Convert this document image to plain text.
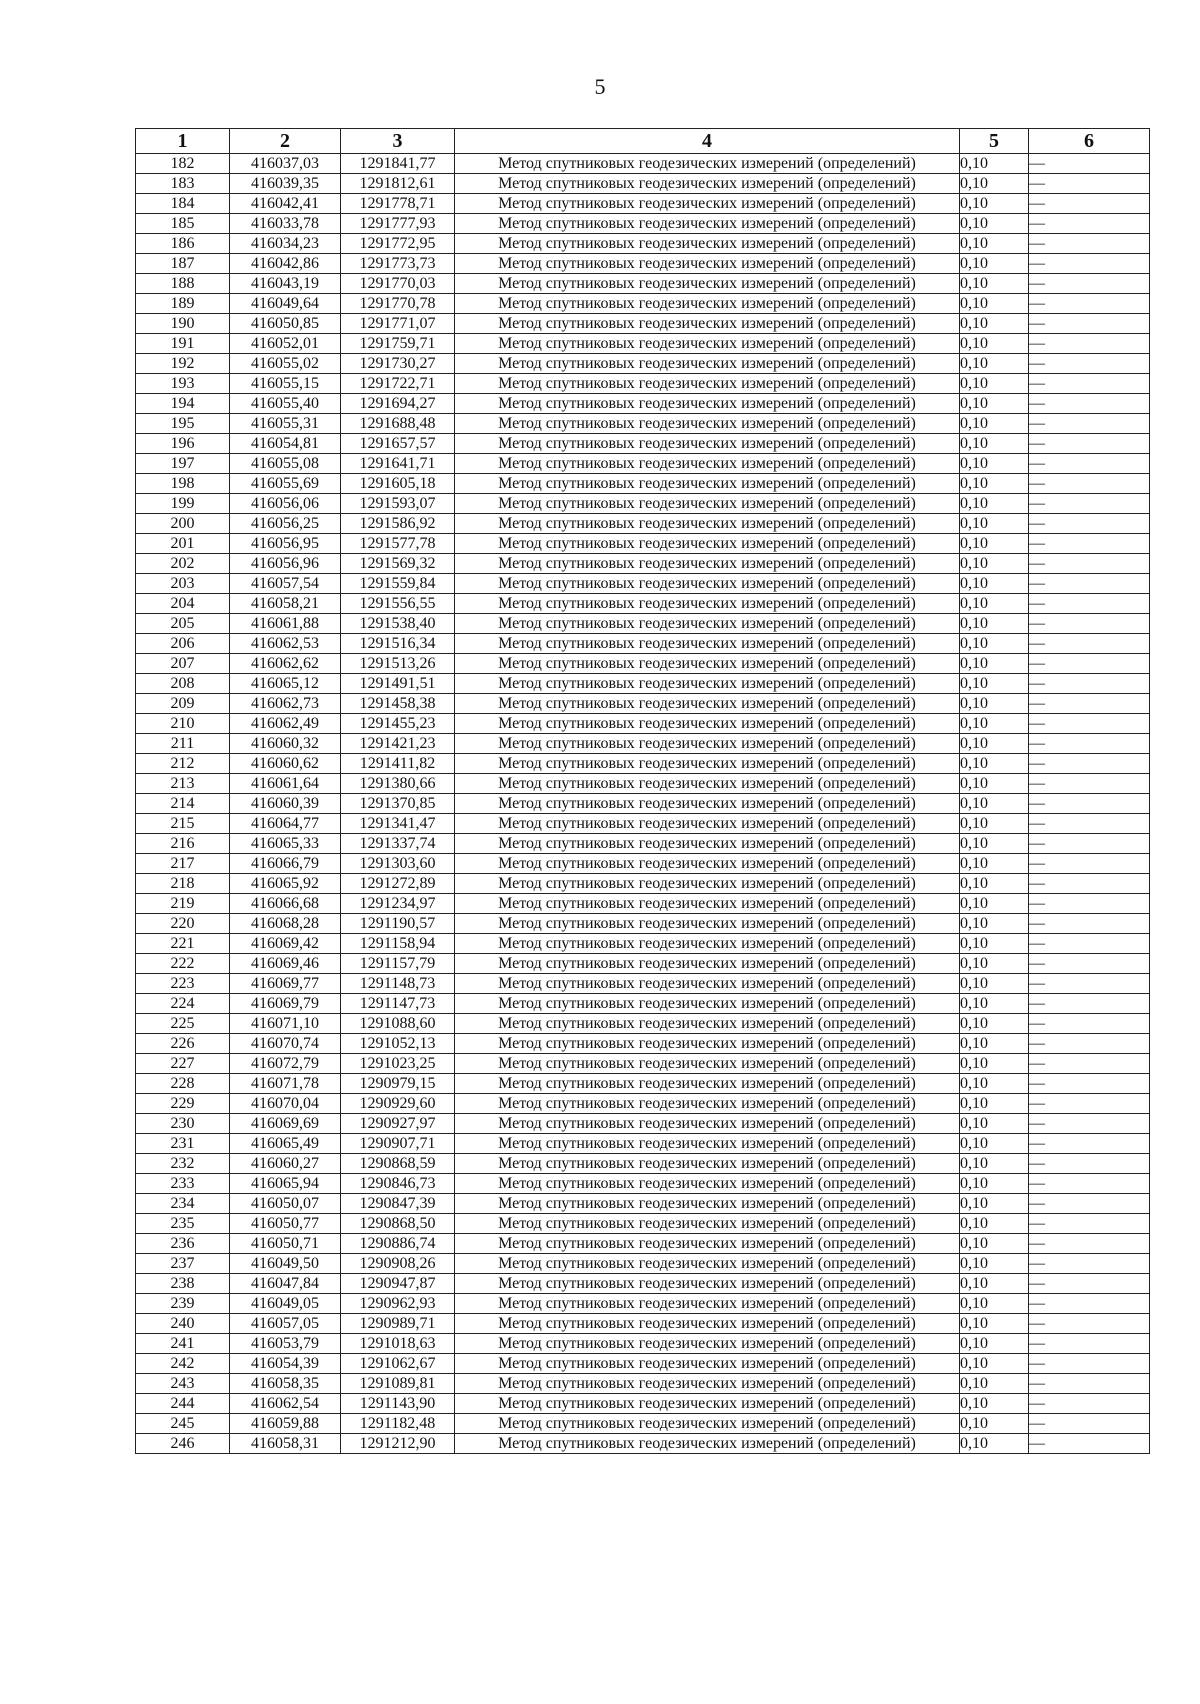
5
1	2	3	4	5	6
182	416037,03	1291841,77	Метод спутниковых геодезических измерений (определений)	0,10	—
183	416039,35	1291812,61	Метод спутниковых геодезических измерений (определений)	0,10	—
184	416042,41	1291778,71	Метод спутниковых геодезических измерений (определений)	0,10	—
185	416033,78	1291777,93	Метод спутниковых геодезических измерений (определений)	0,10	—
186	416034,23	1291772,95	Метод спутниковых геодезических измерений (определений)	0,10	—
187	416042,86	1291773,73	Метод спутниковых геодезических измерений (определений)	0,10	—
188	416043,19	1291770,03	Метод спутниковых геодезических измерений (определений)	0,10	—
189	416049,64	1291770,78	Метод спутниковых геодезических измерений (определений)	0,10	—
190	416050,85	1291771,07	Метод спутниковых геодезических измерений (определений)	0,10	—
191	416052,01	1291759,71	Метод спутниковых геодезических измерений (определений)	0,10	—
192	416055,02	1291730,27	Метод спутниковых геодезических измерений (определений)	0,10	—
193	416055,15	1291722,71	Метод спутниковых геодезических измерений (определений)	0,10	—
194	416055,40	1291694,27	Метод спутниковых геодезических измерений (определений)	0,10	—
195	416055,31	1291688,48	Метод спутниковых геодезических измерений (определений)	0,10	—
196	416054,81	1291657,57	Метод спутниковых геодезических измерений (определений)	0,10	—
197	416055,08	1291641,71	Метод спутниковых геодезических измерений (определений)	0,10	—
198	416055,69	1291605,18	Метод спутниковых геодезических измерений (определений)	0,10	—
199	416056,06	1291593,07	Метод спутниковых геодезических измерений (определений)	0,10	—
200	416056,25	1291586,92	Метод спутниковых геодезических измерений (определений)	0,10	—
201	416056,95	1291577,78	Метод спутниковых геодезических измерений (определений)	0,10	—
202	416056,96	1291569,32	Метод спутниковых геодезических измерений (определений)	0,10	—
203	416057,54	1291559,84	Метод спутниковых геодезических измерений (определений)	0,10	—
204	416058,21	1291556,55	Метод спутниковых геодезических измерений (определений)	0,10	—
205	416061,88	1291538,40	Метод спутниковых геодезических измерений (определений)	0,10	—
206	416062,53	1291516,34	Метод спутниковых геодезических измерений (определений)	0,10	—
207	416062,62	1291513,26	Метод спутниковых геодезических измерений (определений)	0,10	—
208	416065,12	1291491,51	Метод спутниковых геодезических измерений (определений)	0,10	—
209	416062,73	1291458,38	Метод спутниковых геодезических измерений (определений)	0,10	—
210	416062,49	1291455,23	Метод спутниковых геодезических измерений (определений)	0,10	—
211	416060,32	1291421,23	Метод спутниковых геодезических измерений (определений)	0,10	—
212	416060,62	1291411,82	Метод спутниковых геодезических измерений (определений)	0,10	—
213	416061,64	1291380,66	Метод спутниковых геодезических измерений (определений)	0,10	—
214	416060,39	1291370,85	Метод спутниковых геодезических измерений (определений)	0,10	—
215	416064,77	1291341,47	Метод спутниковых геодезических измерений (определений)	0,10	—
216	416065,33	1291337,74	Метод спутниковых геодезических измерений (определений)	0,10	—
217	416066,79	1291303,60	Метод спутниковых геодезических измерений (определений)	0,10	—
218	416065,92	1291272,89	Метод спутниковых геодезических измерений (определений)	0,10	—
219	416066,68	1291234,97	Метод спутниковых геодезических измерений (определений)	0,10	—
220	416068,28	1291190,57	Метод спутниковых геодезических измерений (определений)	0,10	—
221	416069,42	1291158,94	Метод спутниковых геодезических измерений (определений)	0,10	—
222	416069,46	1291157,79	Метод спутниковых геодезических измерений (определений)	0,10	—
223	416069,77	1291148,73	Метод спутниковых геодезических измерений (определений)	0,10	—
224	416069,79	1291147,73	Метод спутниковых геодезических измерений (определений)	0,10	—
225	416071,10	1291088,60	Метод спутниковых геодезических измерений (определений)	0,10	—
226	416070,74	1291052,13	Метод спутниковых геодезических измерений (определений)	0,10	—
227	416072,79	1291023,25	Метод спутниковых геодезических измерений (определений)	0,10	—
228	416071,78	1290979,15	Метод спутниковых геодезических измерений (определений)	0,10	—
229	416070,04	1290929,60	Метод спутниковых геодезических измерений (определений)	0,10	—
230	416069,69	1290927,97	Метод спутниковых геодезических измерений (определений)	0,10	—
231	416065,49	1290907,71	Метод спутниковых геодезических измерений (определений)	0,10	—
232	416060,27	1290868,59	Метод спутниковых геодезических измерений (определений)	0,10	—
233	416065,94	1290846,73	Метод спутниковых геодезических измерений (определений)	0,10	—
234	416050,07	1290847,39	Метод спутниковых геодезических измерений (определений)	0,10	—
235	416050,77	1290868,50	Метод спутниковых геодезических измерений (определений)	0,10	—
236	416050,71	1290886,74	Метод спутниковых геодезических измерений (определений)	0,10	—
237	416049,50	1290908,26	Метод спутниковых геодезических измерений (определений)	0,10	—
238	416047,84	1290947,87	Метод спутниковых геодезических измерений (определений)	0,10	—
239	416049,05	1290962,93	Метод спутниковых геодезических измерений (определений)	0,10	—
240	416057,05	1290989,71	Метод спутниковых геодезических измерений (определений)	0,10	—
241	416053,79	1291018,63	Метод спутниковых геодезических измерений (определений)	0,10	—
242	416054,39	1291062,67	Метод спутниковых геодезических измерений (определений)	0,10	—
243	416058,35	1291089,81	Метод спутниковых геодезических измерений (определений)	0,10	—
244	416062,54	1291143,90	Метод спутниковых геодезических измерений (определений)	0,10	—
245	416059,88	1291182,48	Метод спутниковых геодезических измерений (определений)	0,10	—
246	416058,31	1291212,90	Метод спутниковых геодезических измерений (определений)	0,10	—
